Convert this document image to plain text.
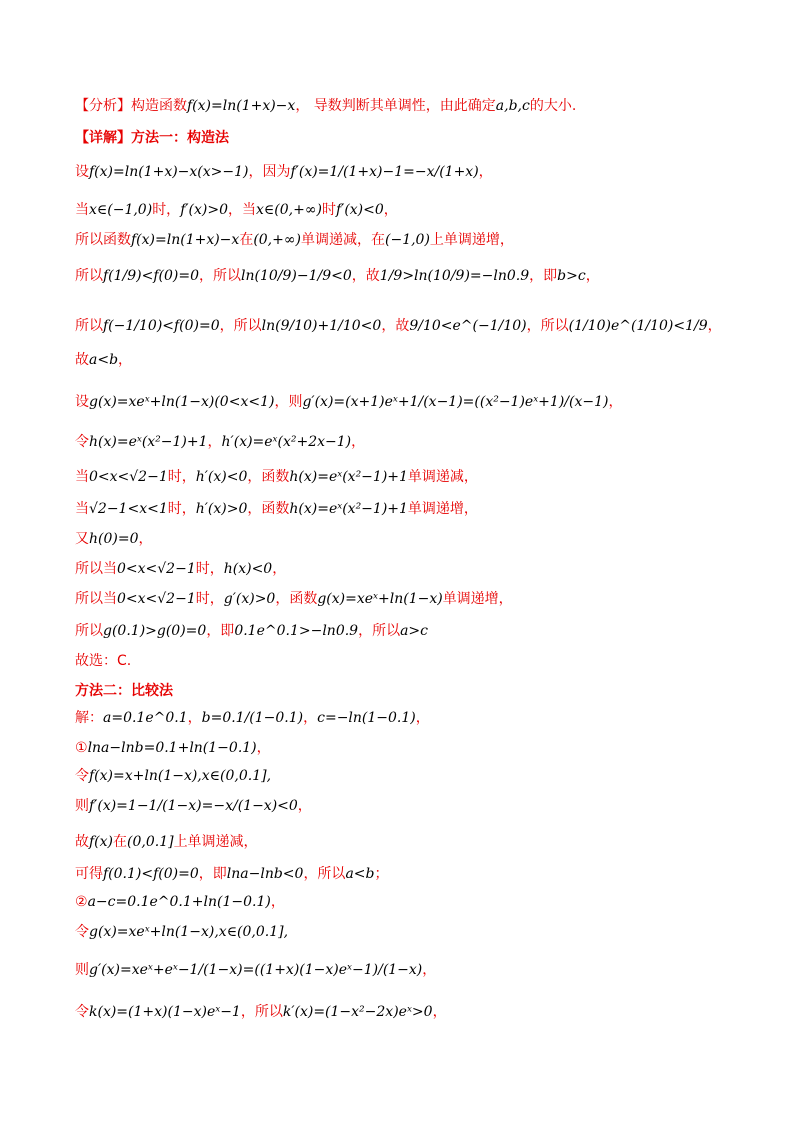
【分析】构造函数f(x)=ln(1+x)−x， 导数判断其单调性，由此确定a,b,c的大小.
【详解】方法一：构造法
设f(x)=ln(1+x)−x(x>−1)，因为f′(x)=1/(1+x)−1=−x/(1+x)，
当x∈(−1,0)时，f′(x)>0，当x∈(0,+∞)时f′(x)<0，
所以函数f(x)=ln(1+x)−x在(0,+∞)单调递减，在(−1,0)上单调递增，
所以f(1/9)<f(0)=0，所以ln(10/9)−1/9<0，故1/9>ln(10/9)=−ln0.9，即b>c，
所以f(−1/10)<f(0)=0，所以ln(9/10)+1/10<0，故9/10<e^(−1/10)，所以(1/10)e^(1/10)<1/9，
故a<b，
设g(x)=xeˣ+ln(1−x)(0<x<1)，则g′(x)=(x+1)eˣ+1/(x−1)=((x²−1)eˣ+1)/(x−1)，
令h(x)=eˣ(x²−1)+1，h′(x)=eˣ(x²+2x−1)，
当0<x<√2−1时，h′(x)<0，函数h(x)=eˣ(x²−1)+1单调递减，
当√2−1<x<1时，h′(x)>0，函数h(x)=eˣ(x²−1)+1单调递增，
又h(0)=0，
所以当0<x<√2−1时，h(x)<0，
所以当0<x<√2−1时，g′(x)>0，函数g(x)=xeˣ+ln(1−x)单调递增，
所以g(0.1)>g(0)=0，即0.1e^0.1>−ln0.9，所以a>c
故选：C.
方法二：比较法
解：a=0.1e^0.1，b=0.1/(1−0.1)，c=−ln(1−0.1)，
①lna−lnb=0.1+ln(1−0.1)，
令f(x)=x+ln(1−x),x∈(0,0.1],
则f′(x)=1−1/(1−x)=−x/(1−x)<0，
故f(x)在(0,0.1]上单调递减，
可得f(0.1)<f(0)=0，即lna−lnb<0，所以a<b；
②a−c=0.1e^0.1+ln(1−0.1)，
令g(x)=xeˣ+ln(1−x),x∈(0,0.1],
则g′(x)=xeˣ+eˣ−1/(1−x)=((1+x)(1−x)eˣ−1)/(1−x)，
令k(x)=(1+x)(1−x)eˣ−1，所以k′(x)=(1−x²−2x)eˣ>0，
